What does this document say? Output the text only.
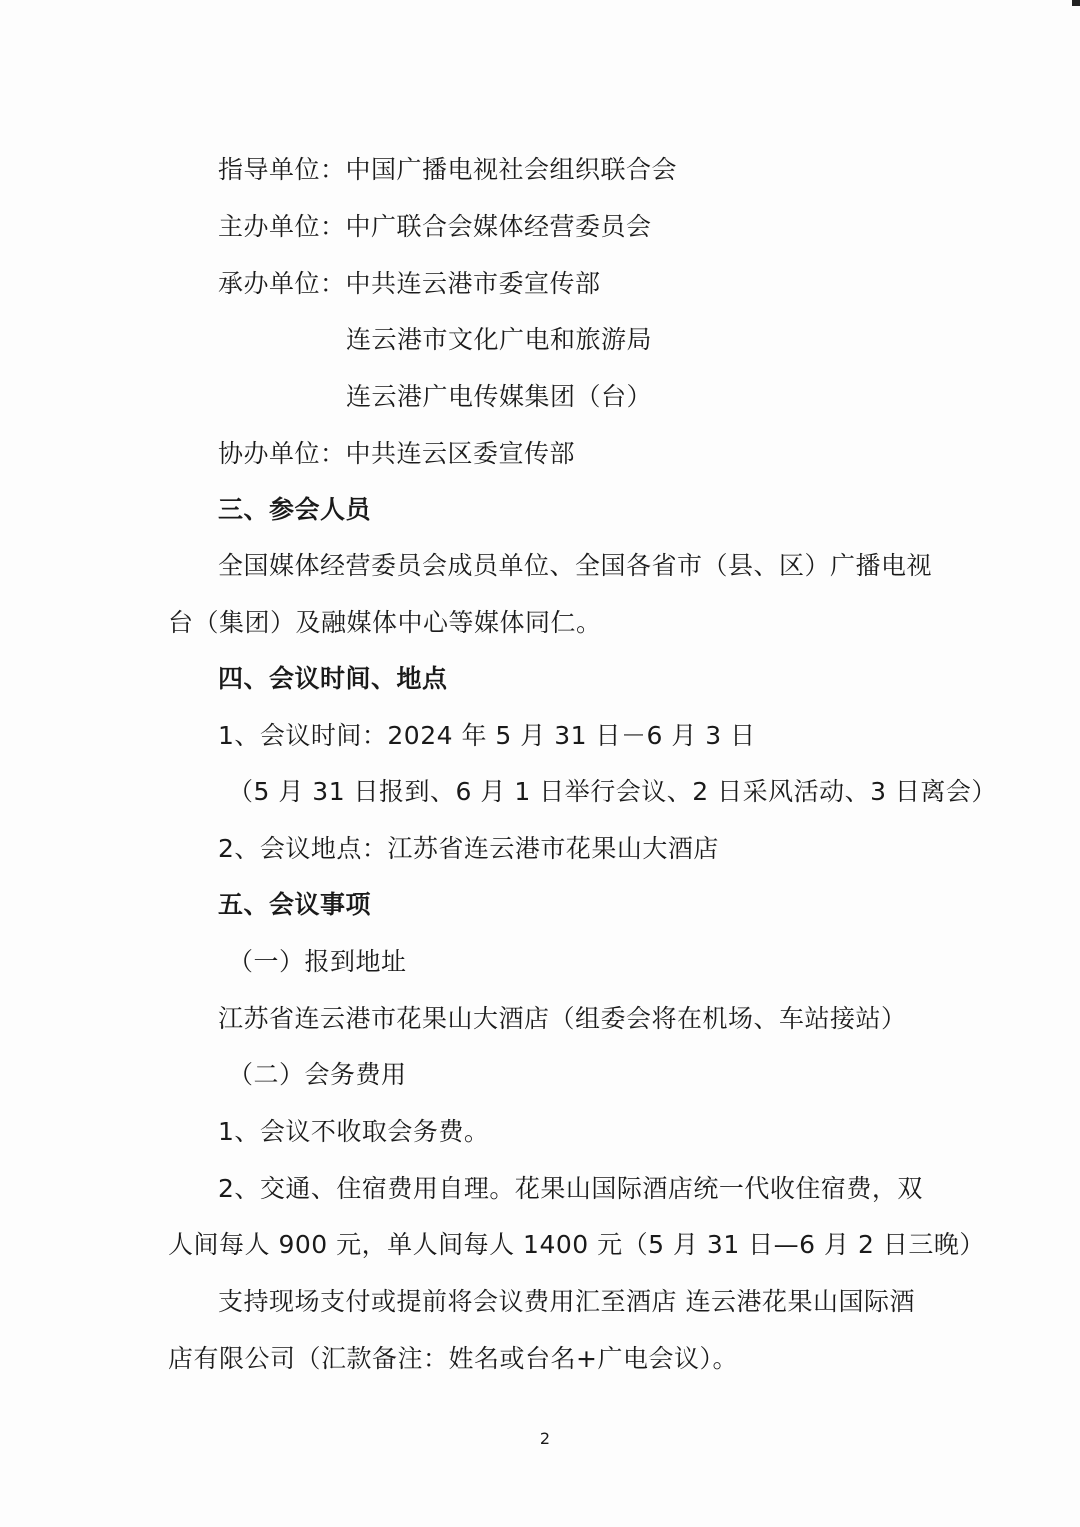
指导单位：中国广播电视社会组织联合会
主办单位：中广联合会媒体经营委员会
承办单位：中共连云港市委宣传部
连云港市文化广电和旅游局
连云港广电传媒集团（台）
协办单位：中共连云区委宣传部
三、参会人员
全国媒体经营委员会成员单位、全国各省市（县、区）广播电视
台（集团）及融媒体中心等媒体同仁。
四、会议时间、地点
1、会议时间：2024 年 5 月 31 日－6 月 3 日
（5 月 31 日报到、6 月 1 日举行会议、2 日采风活动、3 日离会）
2、会议地点：江苏省连云港市花果山大酒店
五、会议事项
（一）报到地址
江苏省连云港市花果山大酒店（组委会将在机场、车站接站）
（二）会务费用
1、会议不收取会务费。
2、交通、住宿费用自理。花果山国际酒店统一代收住宿费，双
人间每人 900 元，单人间每人 1400 元（5 月 31 日—6 月 2 日三晚）
支持现场支付或提前将会议费用汇至酒店 连云港花果山国际酒
店有限公司（汇款备注：姓名或台名+广电会议）。
2
